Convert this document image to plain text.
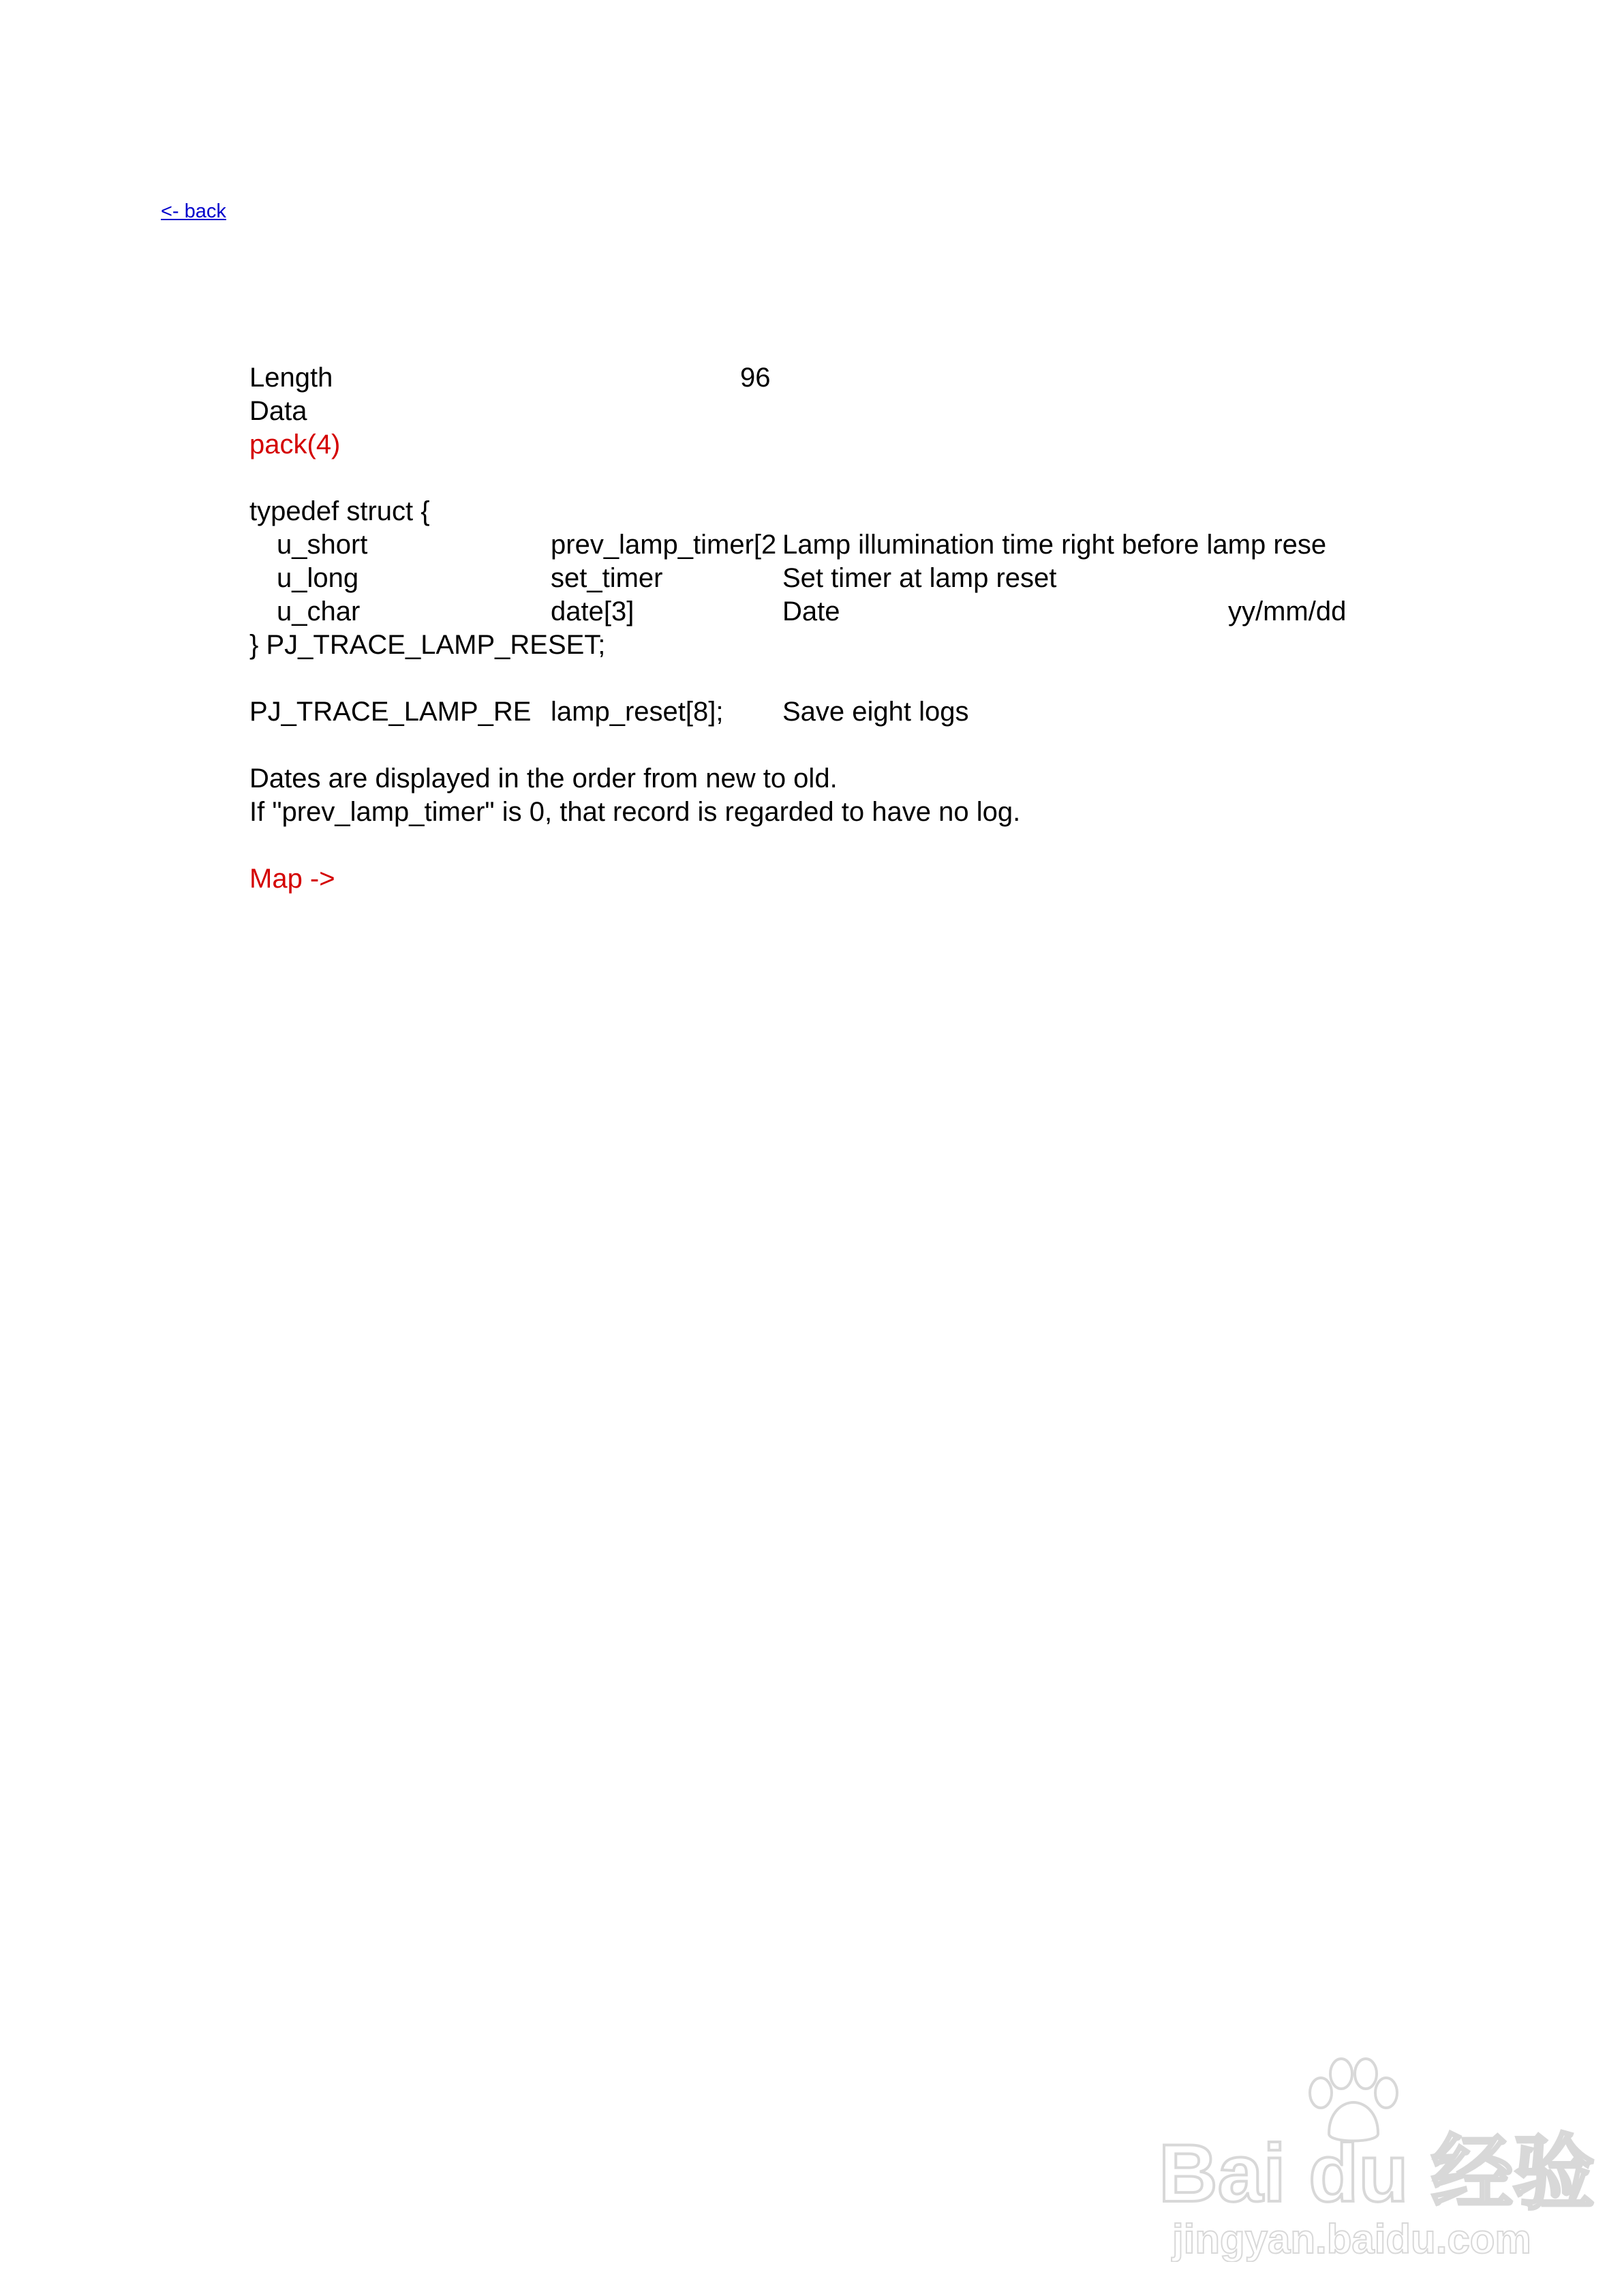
<- back
Length	96
Data
pack(4)
typedef struct {
u_short	prev_lamp_timer[2 Lamp illumination time right before lamp rese
u_long	set_timer	Set timer at lamp reset
u_char	date[3]	Date	yy/mm/dd
} PJ_TRACE_LAMP_RESET;
PJ_TRACE_LAMP_RE lamp_reset[8];	Save eight logs
Dates are displayed in the order from new to old.
If "prev_lamp_timer" is 0, that record is regarded to have no log.
Map ->
Bai du 经验
jingyan.baidu.com
